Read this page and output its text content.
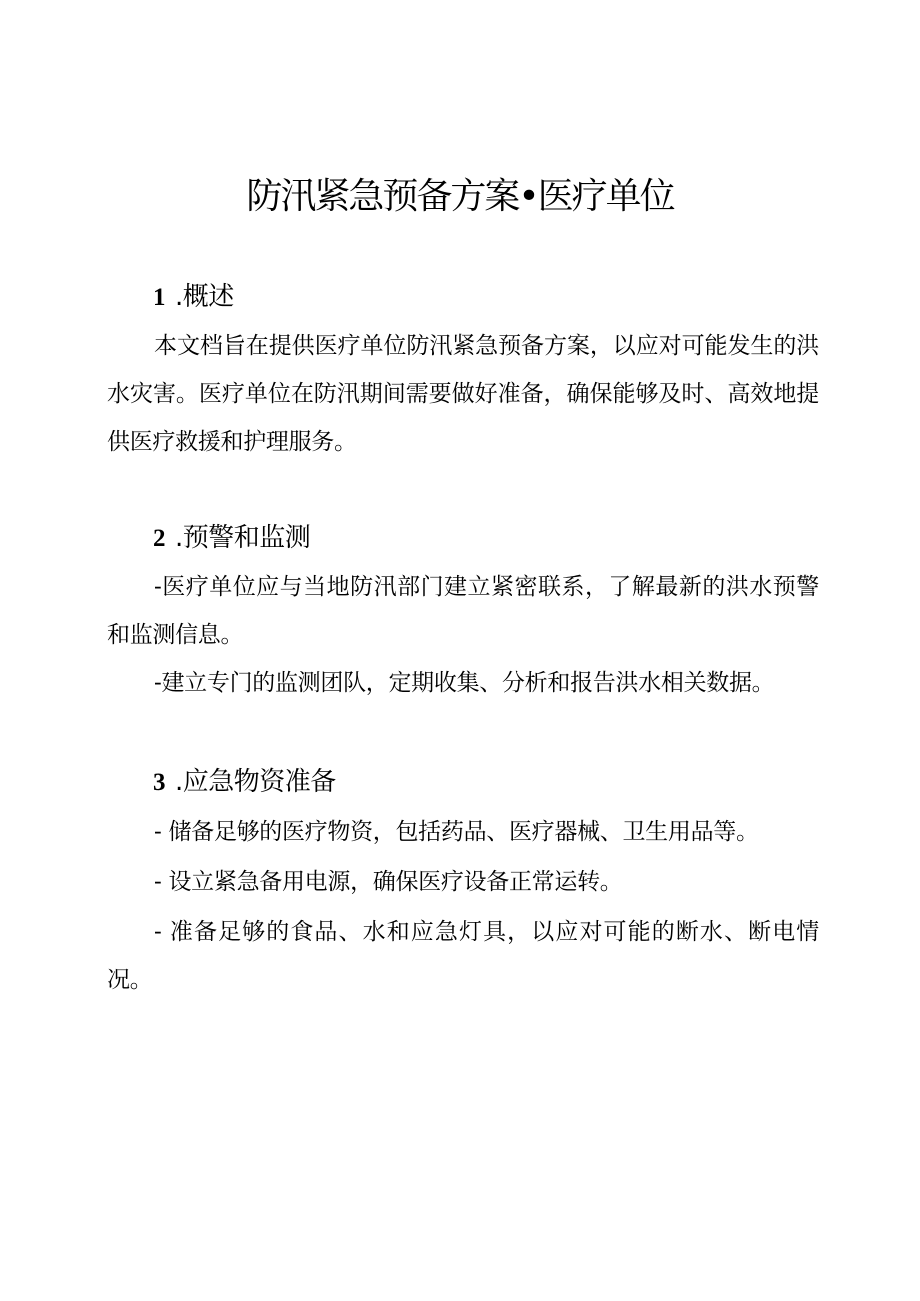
防汛紧急预备方案•医疗单位
1 .概述

本文档旨在提供医疗单位防汛紧急预备方案，以应对可能发生的洪水灾害。医疗单位在防汛期间需要做好准备，确保能够及时、高效地提供医疗救援和护理服务。

2 .预警和监测

-医疗单位应与当地防汛部门建立紧密联系，了解最新的洪水预警和监测信息。

-建立专门的监测团队，定期收集、分析和报告洪水相关数据。

3 .应急物资准备

- 储备足够的医疗物资，包括药品、医疗器械、卫生用品等。

- 设立紧急备用电源，确保医疗设备正常运转。

- 准备足够的食品、水和应急灯具，以应对可能的断水、断电情况。
